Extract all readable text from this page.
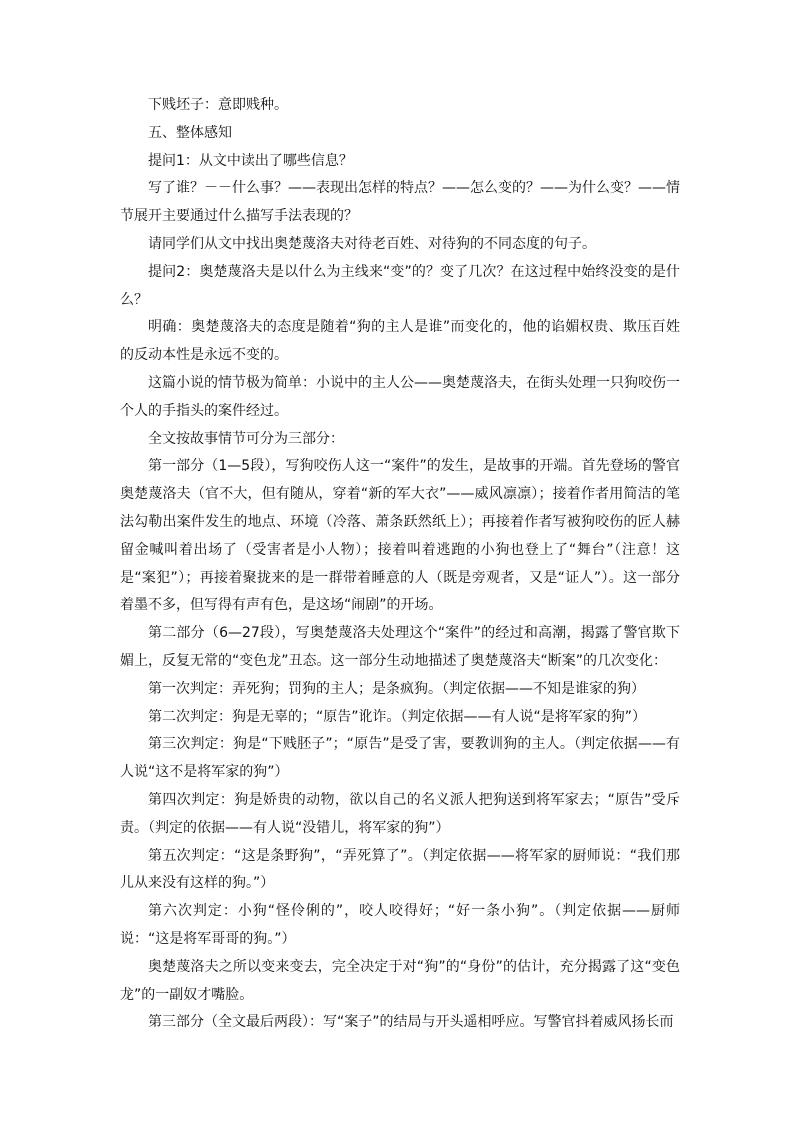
下贱坯子：意即贱种。

五、整体感知

提问1：从文中读出了哪些信息？

写了谁？－－什么事？——表现出怎样的特点？——怎么变的？——为什么变？——情节展开主要通过什么描写手法表现的？

请同学们从文中找出奥楚蔑洛夫对待老百姓、对待狗的不同态度的句子。

提问2：奥楚蔑洛夫是以什么为主线来“变”的？变了几次？在这过程中始终没变的是什么？

明确：奥楚蔑洛夫的态度是随着“狗的主人是谁”而变化的，他的谄媚权贵、欺压百姓的反动本性是永远不变的。

这篇小说的情节极为简单：小说中的主人公——奥楚蔑洛夫，在街头处理一只狗咬伤一个人的手指头的案件经过。

全文按故事情节可分为三部分：

第一部分（1—5段），写狗咬伤人这一“案件”的发生，是故事的开端。首先登场的警官奥楚蔑洛夫（官不大，但有随从，穿着“新的军大衣”——威风凛凛）；接着作者用简洁的笔法勾勒出案件发生的地点、环境（冷落、萧条跃然纸上）；再接着作者写被狗咬伤的匠人赫留金喊叫着出场了（受害者是小人物）；接着叫着逃跑的小狗也登上了“舞台”（注意！这是“案犯”）；再接着聚拢来的是一群带着睡意的人（既是旁观者，又是“证人”）。这一部分着墨不多，但写得有声有色，是这场“闹剧”的开场。

第二部分（6—27段），写奥楚蔑洛夫处理这个“案件”的经过和高潮，揭露了警官欺下媚上，反复无常的“变色龙”丑态。这一部分生动地描述了奥楚蔑洛夫“断案”的几次变化：

第一次判定：弄死狗；罚狗的主人；是条疯狗。（判定依据——不知是谁家的狗）

第二次判定：狗是无辜的；“原告”讹诈。（判定依据——有人说“是将军家的狗”）

第三次判定：狗是“下贱胚子”；“原告”是受了害，要教训狗的主人。（判定依据——有人说“这不是将军家的狗”）

第四次判定：狗是娇贵的动物，欲以自己的名义派人把狗送到将军家去；“原告”受斥责。（判定的依据——有人说“没错儿，将军家的狗”）

第五次判定：“这是条野狗”，“弄死算了”。（判定依据——将军家的厨师说：“我们那儿从来没有这样的狗。”）

第六次判定：小狗“怪伶俐的”，咬人咬得好；“好一条小狗”。（判定依据——厨师说：“这是将军哥哥的狗。”）

奥楚蔑洛夫之所以变来变去，完全决定于对“狗”的“身份”的估计，充分揭露了这“变色龙”的一副奴才嘴脸。

第三部分（全文最后两段）：写“案子”的结局与开头遥相呼应。写警官抖着威风扬长而
